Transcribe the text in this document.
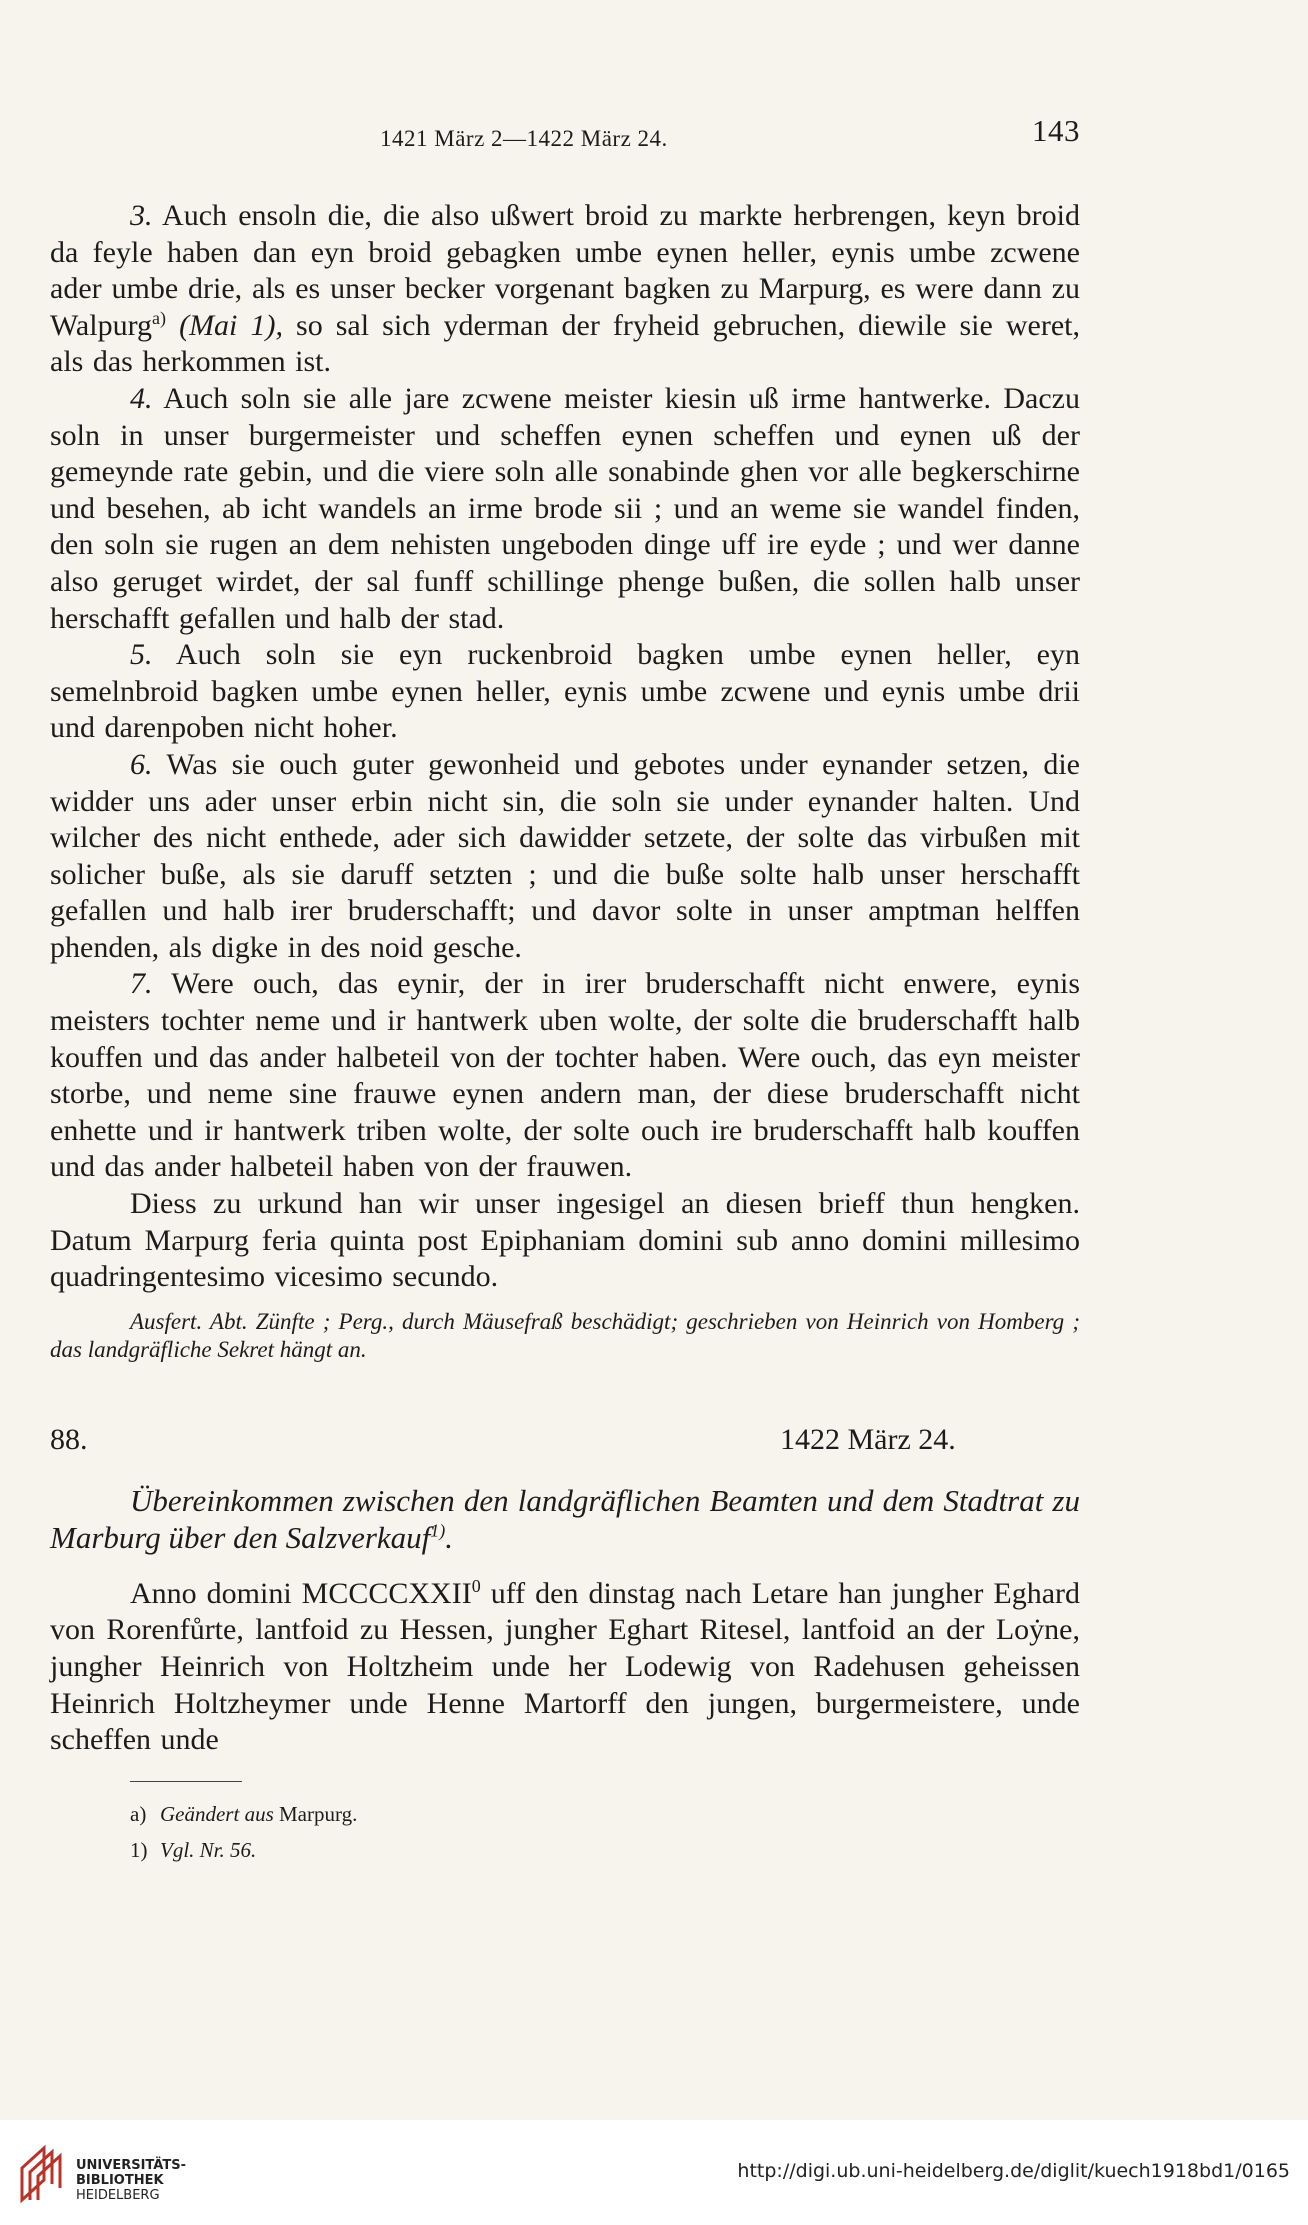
1421 März 2—1422 März 24.	143

3. Auch ensoln die, die also ußwert broid zu markte herbrengen, keyn broid da feyle haben dan eyn broid gebagken umbe eynen heller, eynis umbe zcwene ader umbe drie, als es unser becker vorgenant bagken zu Marpurg, es were dann zu Walpurg$^{a)}$ (Mai 1), so sal sich yderman der fryheid gebruchen, diewile sie weret, als das herkommen ist.

4. Auch soln sie alle jare zcwene meister kiesin uß irme hantwerke. Daczu soln in unser burgermeister und scheffen eynen scheffen und eynen uß der gemeynde rate gebin, und die viere soln alle sonabinde ghen vor alle begkerschirne und besehen, ab icht wandels an irme brode sii ; und an weme sie wandel finden, den soln sie rugen an dem nehisten ungeboden dinge uff ire eyde ; und wer danne also geruget wirdet, der sal funff schillinge phenge bußen, die sollen halb unser herschafft gefallen und halb der stad.

5. Auch soln sie eyn ruckenbroid bagken umbe eynen heller, eyn semelnbroid bagken umbe eynen heller, eynis umbe zcwene und eynis umbe drii und darenpoben nicht hoher.

6. Was sie ouch guter gewonheid und gebotes under eynander setzen, die widder uns ader unser erbin nicht sin, die soln sie under eynander halten. Und wilcher des nicht enthede, ader sich dawidder setzete, der solte das virbußen mit solicher buße, als sie daruff setzten ; und die buße solte halb unser herschafft gefallen und halb irer bruderschafft; und davor solte in unser amptman helffen phenden, als digke in des noid gesche.

7. Were ouch, das eynir, der in irer bruderschafft nicht enwere, eynis meisters tochter neme und ir hantwerk uben wolte, der solte die bruderschafft halb kouffen und das ander halbeteil von der tochter haben. Were ouch, das eyn meister storbe, und neme sine frauwe eynen andern man, der diese bruderschafft nicht enhette und ir hantwerk triben wolte, der solte ouch ire bruderschafft halb kouffen und das ander halbeteil haben von der frauwen.

Diess zu urkund han wir unser ingesigel an diesen brieff thun hengken. Datum Marpurg feria quinta post Epiphaniam domini sub anno domini millesimo quadringentesimo vicesimo secundo.

Ausfert. Abt. Zünfte ; Perg., durch Mäusefraß beschädigt; geschrieben von Heinrich von Homberg ; das landgräfliche Sekret hängt an.

88.	1422 März 24.

Übereinkommen zwischen den landgräflichen Beamten und dem Stadtrat zu Marburg über den Salzverkauf$^{1)}$.

Anno domini MCCCCXXII$^0$ uff den dinstag nach Letare han jungher Eghard von Rorenfůrte, lantfoid zu Hessen, jungher Eghart Ritesel, lantfoid an der Loẏne, jungher Heinrich von Holtzheim unde her Lodewig von Radehusen geheissen Heinrich Holtzheymer unde Henne Martorff den jungen, burgermeistere, unde scheffen unde

a) Geändert aus Marpurg.
1) Vgl. Nr. 56.
UNIVERSITÄTS-
BIBLIOTHEK
HEIDELBERG
http://digi.ub.uni-heidelberg.de/diglit/kuech1918bd1/0165
